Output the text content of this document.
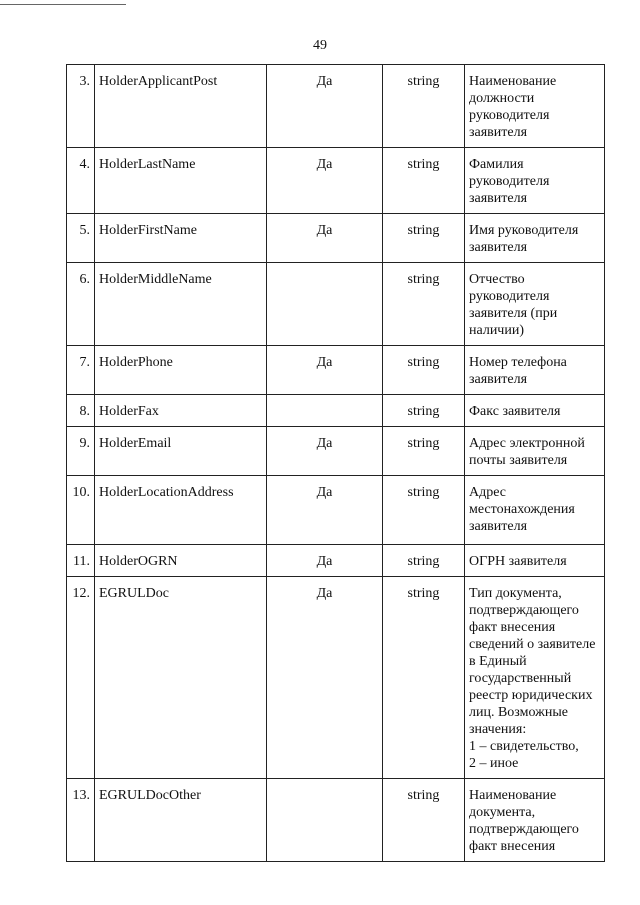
49
3.	HolderApplicantPost	Да	string	Наименование должности руководителя заявителя
4.	HolderLastName	Да	string	Фамилия руководителя заявителя
5.	HolderFirstName	Да	string	Имя руководителя заявителя
6.	HolderMiddleName		string	Отчество руководителя заявителя (при наличии)
7.	HolderPhone	Да	string	Номер телефона заявителя
8.	HolderFax		string	Факс заявителя
9.	HolderEmail	Да	string	Адрес электронной почты заявителя
10.	HolderLocationAddress	Да	string	Адрес местонахождения заявителя
11.	HolderOGRN	Да	string	ОГРН заявителя
12.	EGRULDoc	Да	string	Тип документа, подтверждающего факт внесения сведений о заявителе в Единый государственный реестр юридических лиц. Возможные значения:
1 – свидетельство,
2 – иное
13.	EGRULDocOther		string	Наименование документа, подтверждающего факт внесения
